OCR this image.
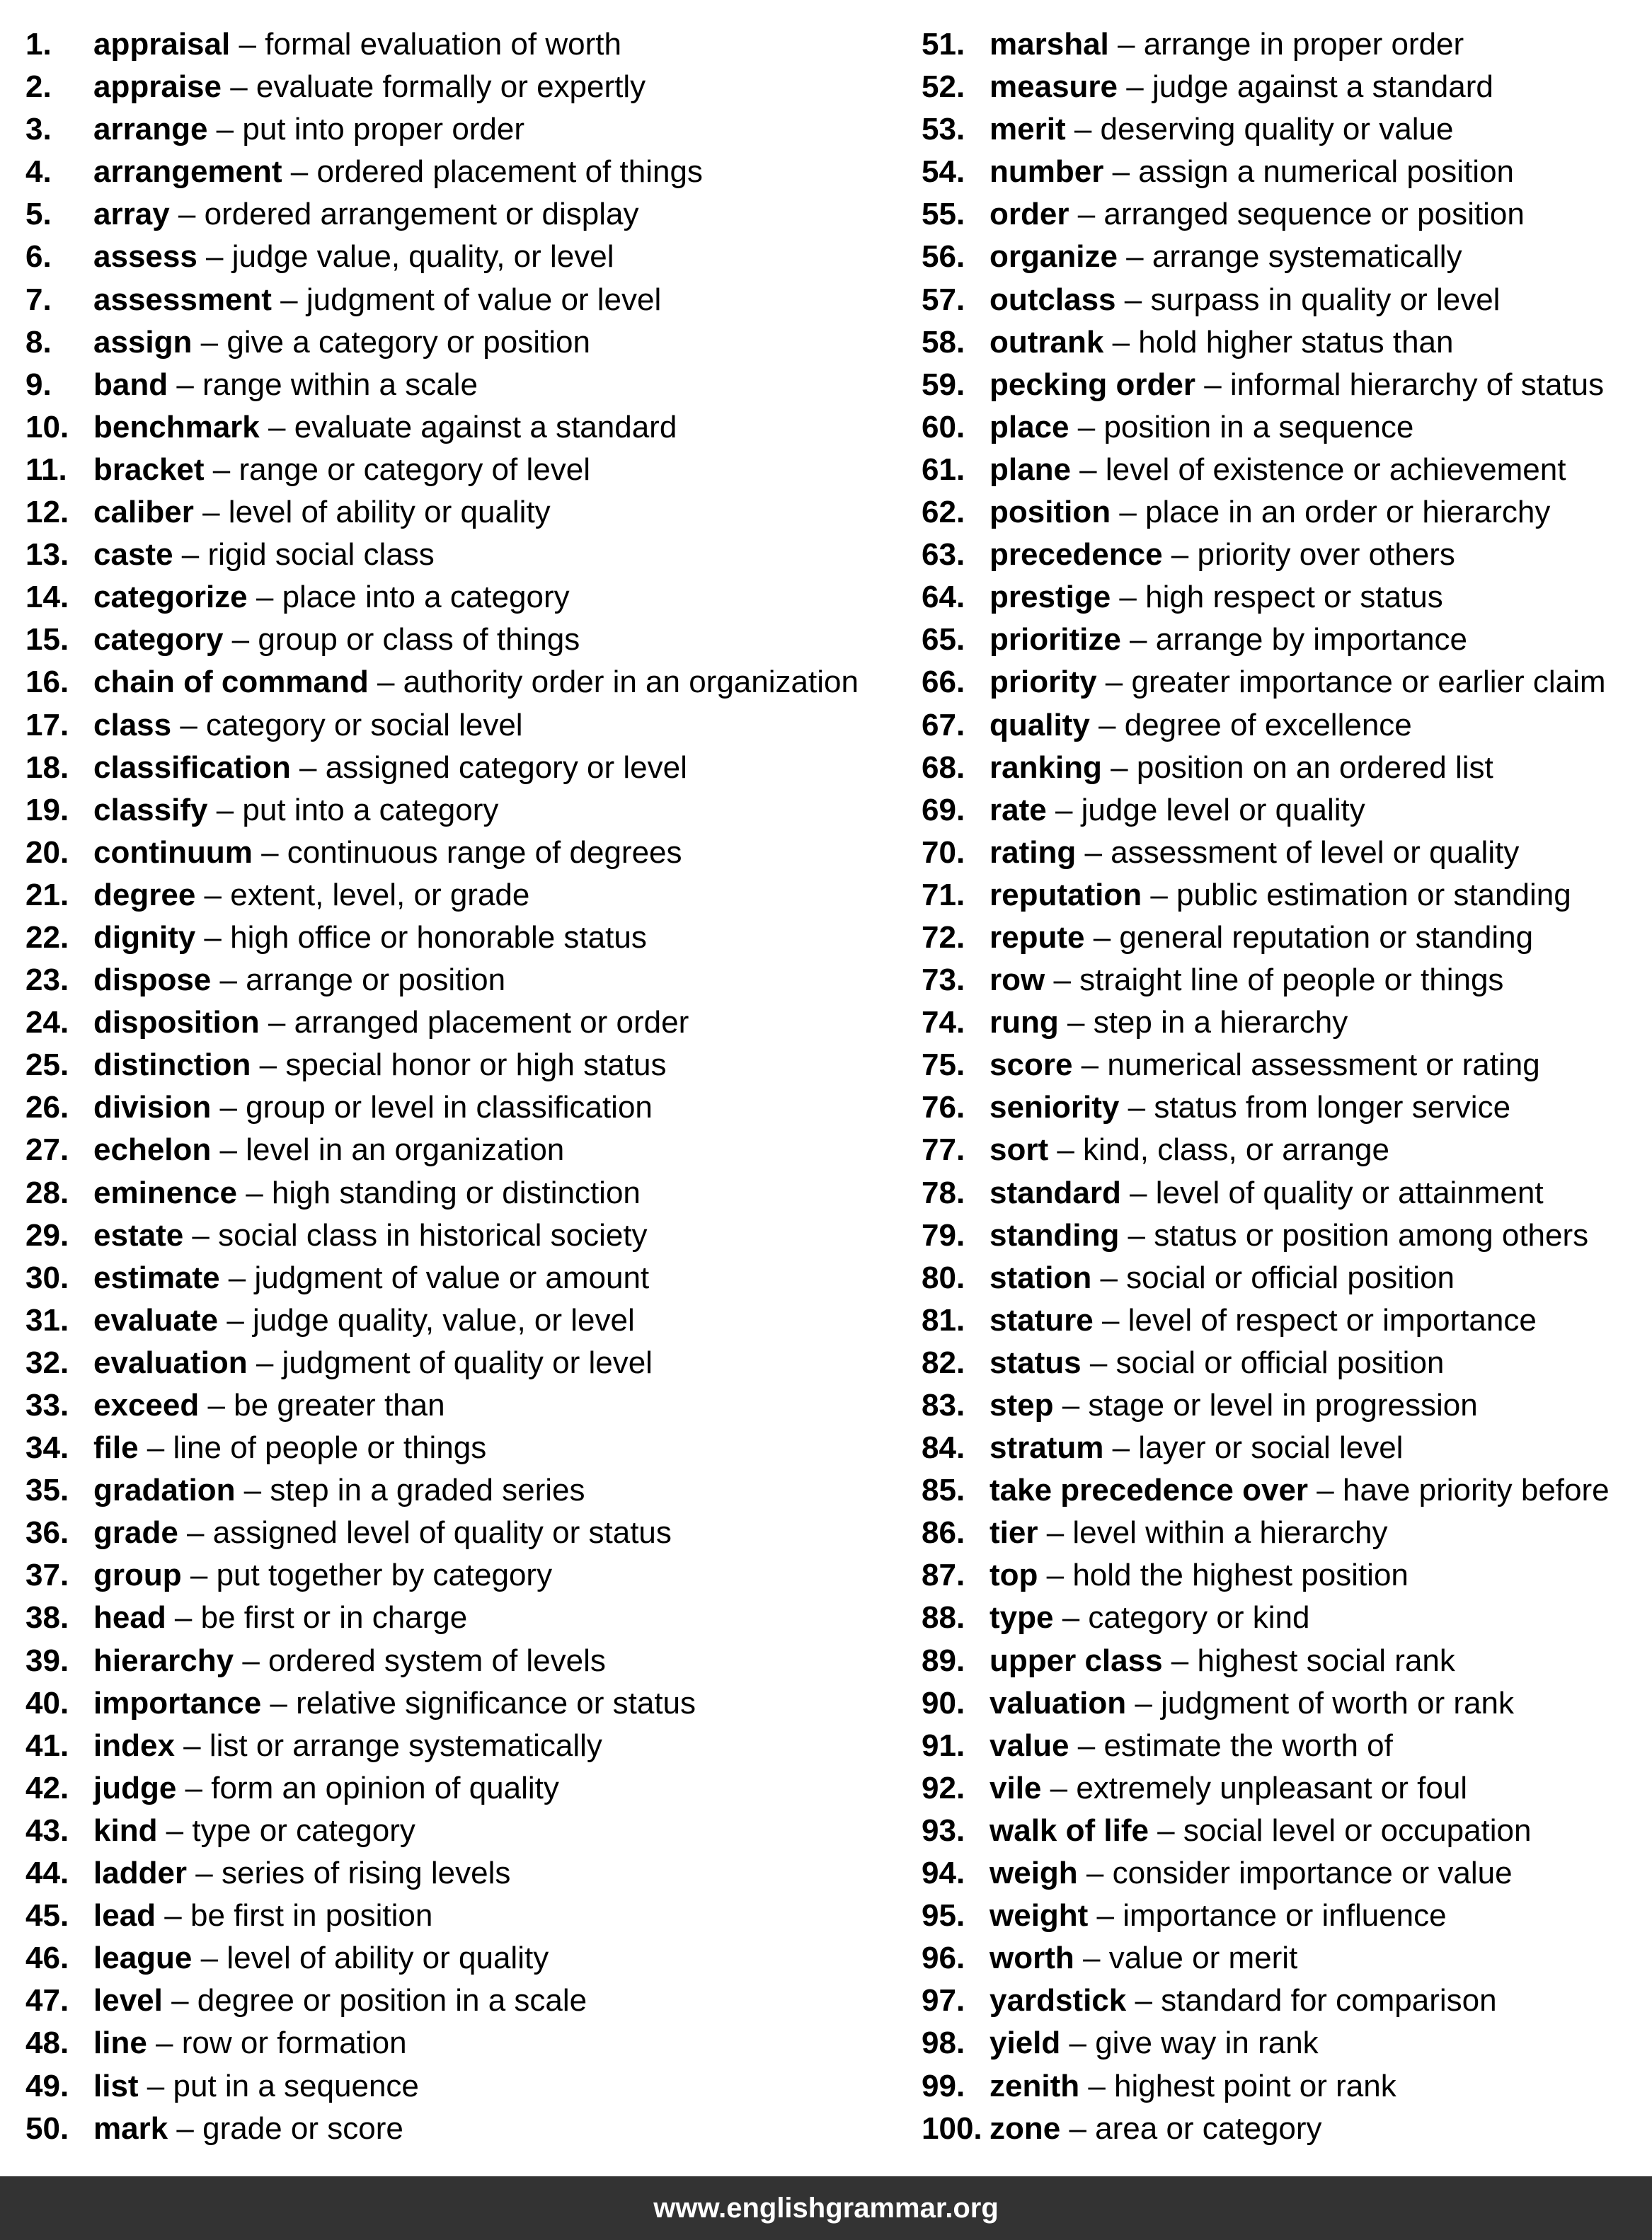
1. appraisal – formal evaluation of worth
2. appraise – evaluate formally or expertly
3. arrange – put into proper order
4. arrangement – ordered placement of things
5. array – ordered arrangement or display
6. assess – judge value, quality, or level
7. assessment – judgment of value or level
8. assign – give a category or position
9. band – range within a scale
10. benchmark – evaluate against a standard
11. bracket – range or category of level
12. caliber – level of ability or quality
13. caste – rigid social class
14. categorize – place into a category
15. category – group or class of things
16. chain of command – authority order in an organization
17. class – category or social level
18. classification – assigned category or level
19. classify – put into a category
20. continuum – continuous range of degrees
21. degree – extent, level, or grade
22. dignity – high office or honorable status
23. dispose – arrange or position
24. disposition – arranged placement or order
25. distinction – special honor or high status
26. division – group or level in classification
27. echelon – level in an organization
28. eminence – high standing or distinction
29. estate – social class in historical society
30. estimate – judgment of value or amount
31. evaluate – judge quality, value, or level
32. evaluation – judgment of quality or level
33. exceed – be greater than
34. file – line of people or things
35. gradation – step in a graded series
36. grade – assigned level of quality or status
37. group – put together by category
38. head – be first or in charge
39. hierarchy – ordered system of levels
40. importance – relative significance or status
41. index – list or arrange systematically
42. judge – form an opinion of quality
43. kind – type or category
44. ladder – series of rising levels
45. lead – be first in position
46. league – level of ability or quality
47. level – degree or position in a scale
48. line – row or formation
49. list – put in a sequence
50. mark – grade or score
51. marshal – arrange in proper order
52. measure – judge against a standard
53. merit – deserving quality or value
54. number – assign a numerical position
55. order – arranged sequence or position
56. organize – arrange systematically
57. outclass – surpass in quality or level
58. outrank – hold higher status than
59. pecking order – informal hierarchy of status
60. place – position in a sequence
61. plane – level of existence or achievement
62. position – place in an order or hierarchy
63. precedence – priority over others
64. prestige – high respect or status
65. prioritize – arrange by importance
66. priority – greater importance or earlier claim
67. quality – degree of excellence
68. ranking – position on an ordered list
69. rate – judge level or quality
70. rating – assessment of level or quality
71. reputation – public estimation or standing
72. repute – general reputation or standing
73. row – straight line of people or things
74. rung – step in a hierarchy
75. score – numerical assessment or rating
76. seniority – status from longer service
77. sort – kind, class, or arrange
78. standard – level of quality or attainment
79. standing – status or position among others
80. station – social or official position
81. stature – level of respect or importance
82. status – social or official position
83. step – stage or level in progression
84. stratum – layer or social level
85. take precedence over – have priority before
86. tier – level within a hierarchy
87. top – hold the highest position
88. type – category or kind
89. upper class – highest social rank
90. valuation – judgment of worth or rank
91. value – estimate the worth of
92. vile – extremely unpleasant or foul
93. walk of life – social level or occupation
94. weigh – consider importance or value
95. weight – importance or influence
96. worth – value or merit
97. yardstick – standard for comparison
98. yield – give way in rank
99. zenith – highest point or rank
100. zone – area or category
www.englishgrammar.org
